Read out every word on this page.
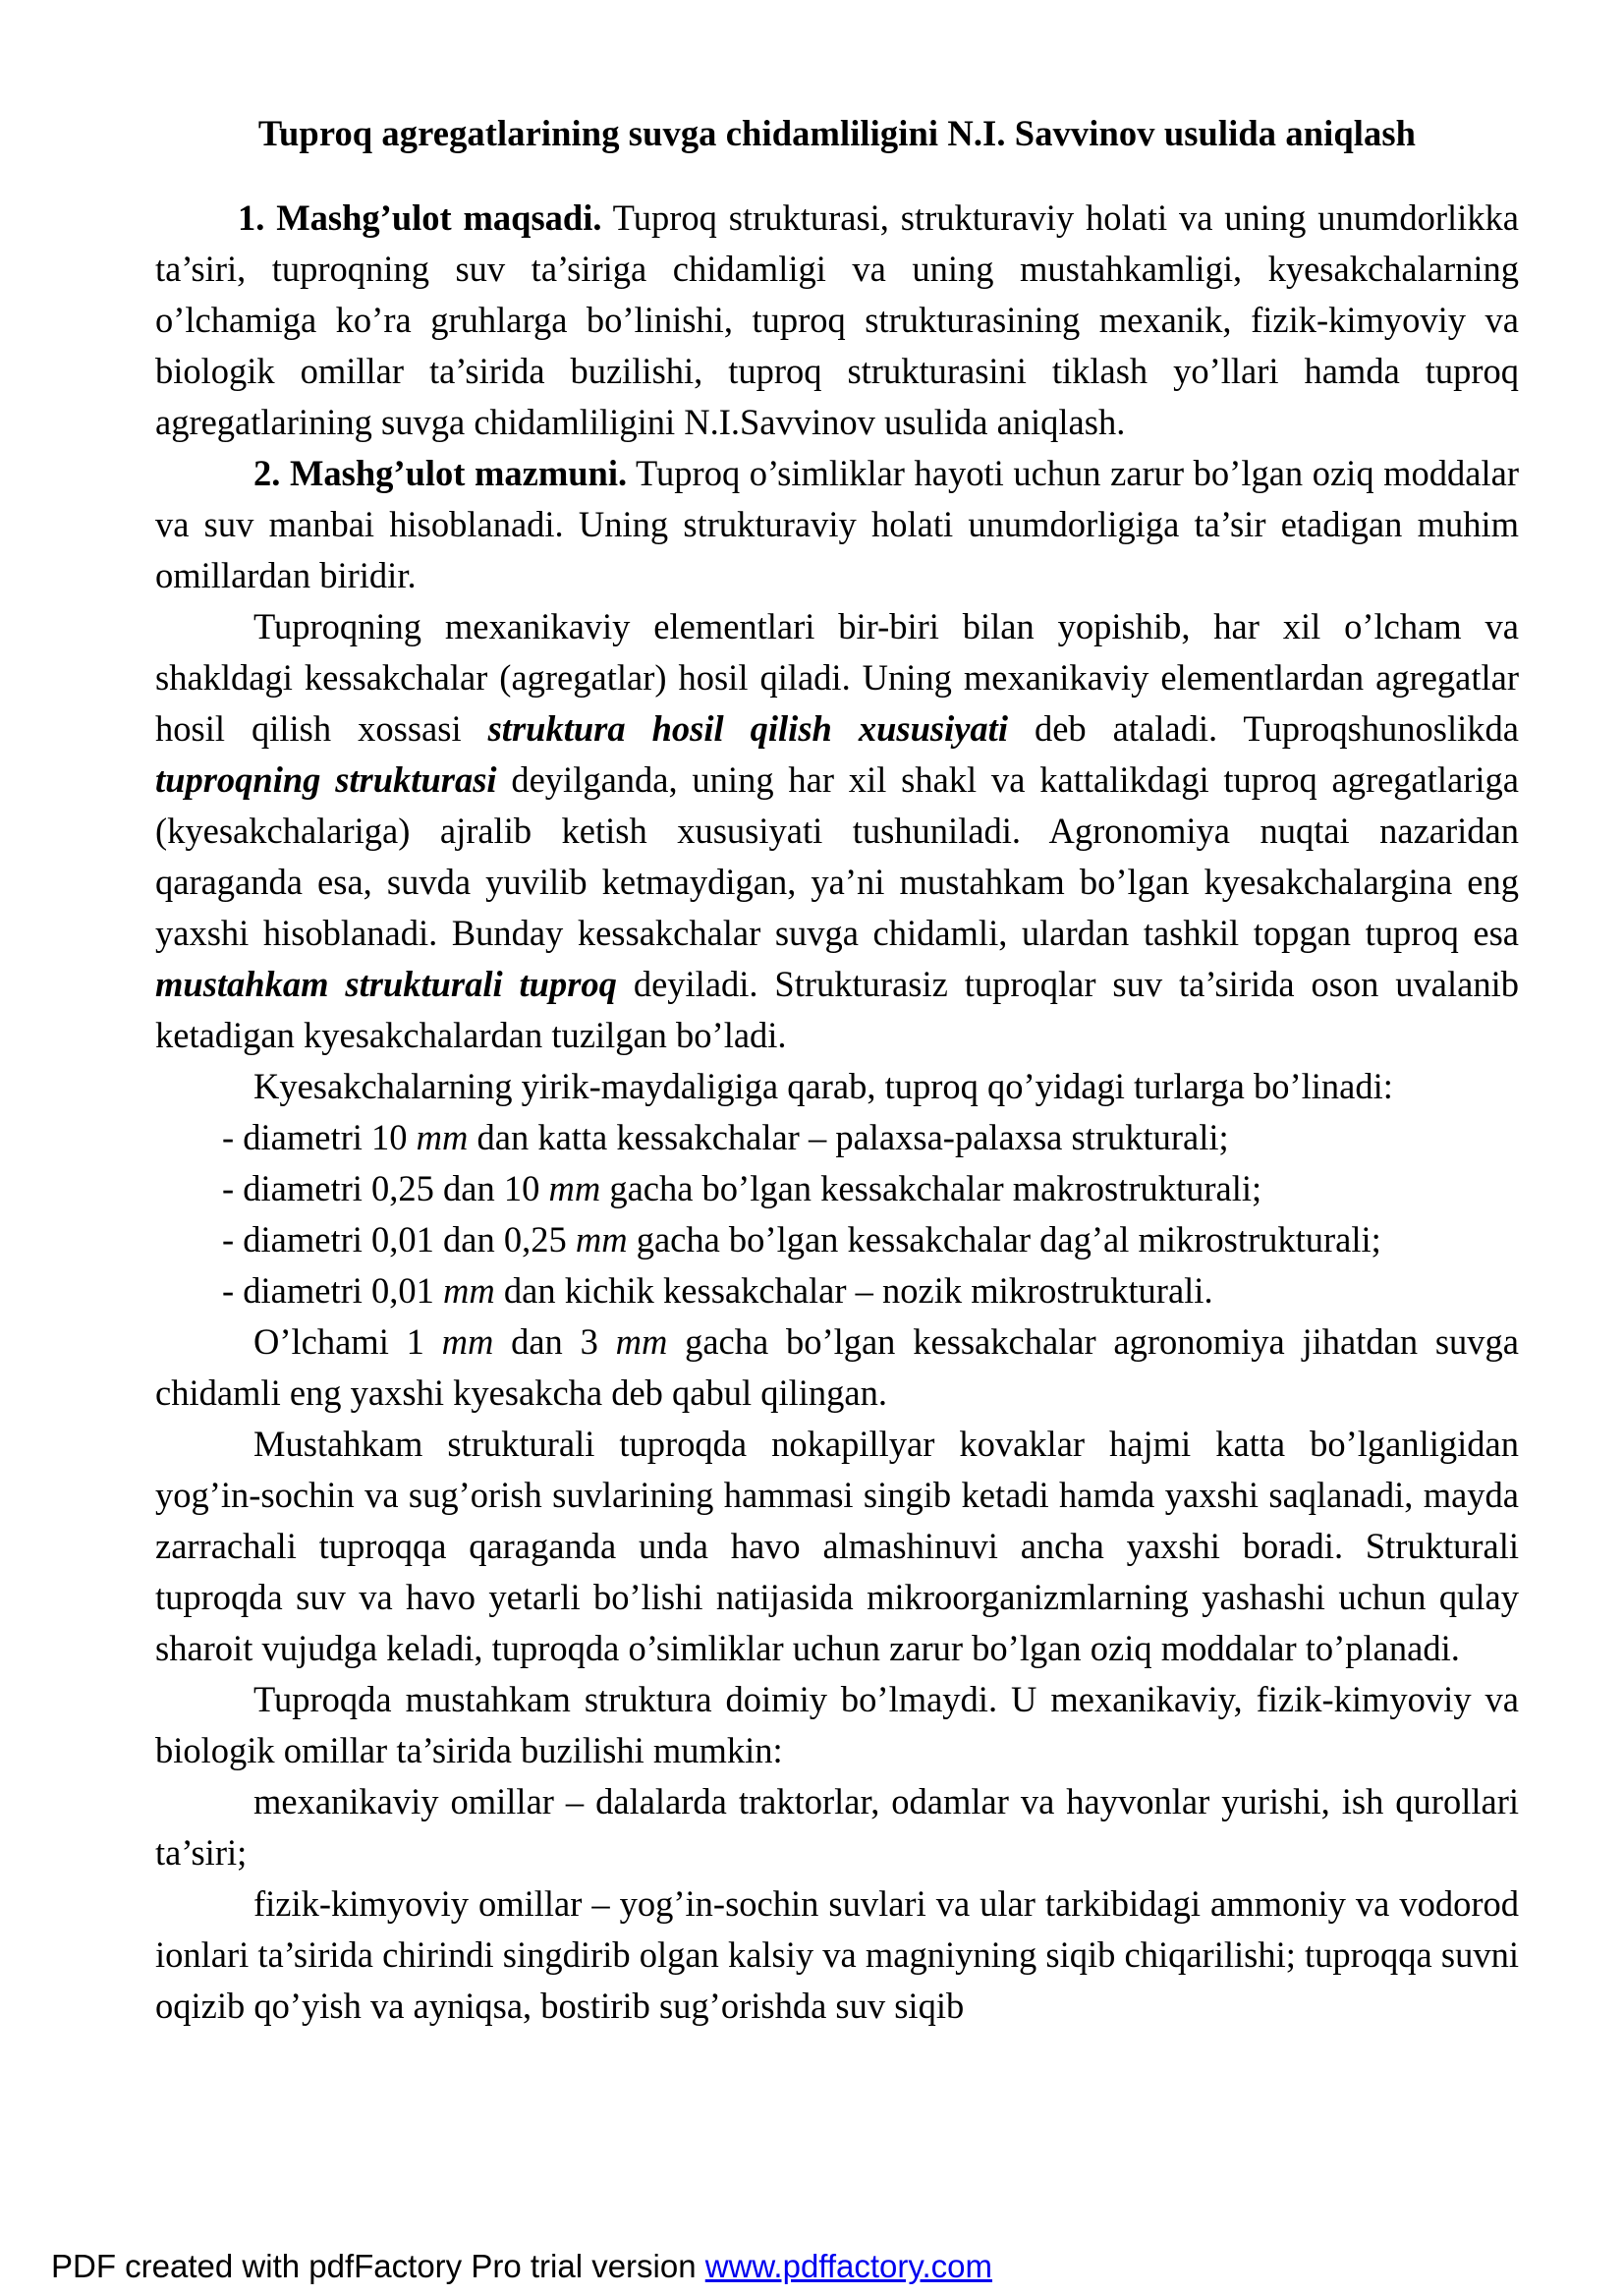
Tuproq agregatlarining suvga chidamliligini N.I. Savvinov usulida aniqlash

1. Mashg’ulot maqsadi. Tuproq strukturasi, strukturaviy holati va uning unumdorlikka ta’siri, tuproqning suv ta’siriga chidamligi va uning mustahkamligi, kyesakchalarning o’lchamiga ko’ra gruhlarga bo’linishi, tuproq strukturasining mexanik, fizik-kimyoviy va biologik omillar ta’sirida buzilishi, tuproq strukturasini tiklash yo’llari hamda tuproq agregatlarining suvga chidamliligini N.I.Savvinov usulida aniqlash.

2. Mashg’ulot mazmuni. Tuproq o’simliklar hayoti uchun zarur bo’lgan oziq moddalar va suv manbai hisoblanadi. Uning strukturaviy holati unumdorligiga ta’sir etadigan muhim omillardan biridir.

Tuproqning mexanikaviy elementlari bir-biri bilan yopishib, har xil o’lcham va shakldagi kessakchalar (agregatlar) hosil qiladi. Uning mexanikaviy elementlardan agregatlar hosil qilish xossasi struktura hosil qilish xususiyati deb ataladi. Tuproqshunoslikda tuproqning strukturasi deyilganda, uning har xil shakl va kattalikdagi tuproq agregatlariga (kyesakchalariga) ajralib ketish xususiyati tushuniladi. Agronomiya nuqtai nazaridan qaraganda esa, suvda yuvilib ketmaydigan, ya’ni mustahkam bo’lgan kyesakchalargina eng yaxshi hisoblanadi. Bunday kessakchalar suvga chidamli, ulardan tashkil topgan tuproq esa mustahkam strukturali tuproq deyiladi. Strukturasiz tuproqlar suv ta’sirida oson uvalanib ketadigan kyesakchalardan tuzilgan bo’ladi.

Kyesakchalarning yirik-maydaligiga qarab, tuproq qo’yidagi turlarga bo’linadi:

- diametri 10 mm dan katta kessakchalar – palaxsa-palaxsa strukturali;
- diametri 0,25 dan 10 mm gacha bo’lgan kessakchalar makrostrukturali;
- diametri 0,01 dan 0,25 mm gacha bo’lgan kessakchalar dag’al mikrostrukturali;
- diametri 0,01 mm dan kichik kessakchalar – nozik mikrostrukturali.

O’lchami 1 mm dan 3 mm gacha bo’lgan kessakchalar agronomiya jihatdan suvga chidamli eng yaxshi kyesakcha deb qabul qilingan.

Mustahkam strukturali tuproqda nokapillyar kovaklar hajmi katta bo’lganligidan yog’in-sochin va sug’orish suvlarining hammasi singib ketadi hamda yaxshi saqlanadi, mayda zarrachali tuproqqa qaraganda unda havo almashinuvi ancha yaxshi boradi. Strukturali tuproqda suv va havo yetarli bo’lishi natijasida mikroorganizmlarning yashashi uchun qulay sharoit vujudga keladi, tuproqda o’simliklar uchun zarur bo’lgan oziq moddalar to’planadi.

Tuproqda mustahkam struktura doimiy bo’lmaydi. U mexanikaviy, fizik-kimyoviy va biologik omillar ta’sirida buzilishi mumkin:

mexanikaviy omillar – dalalarda traktorlar, odamlar va hayvonlar yurishi, ish qurollari ta’siri;

fizik-kimyoviy omillar – yog’in-sochin suvlari va ular tarkibidagi ammoniy va vodorod ionlari ta’sirida chirindi singdirib olgan kalsiy va magniyning siqib chiqarilishi; tuproqqa suvni oqizib qo’yish va ayniqsa, bostirib sug’orishda suv siqib

PDF created with pdfFactory Pro trial version www.pdffactory.com
